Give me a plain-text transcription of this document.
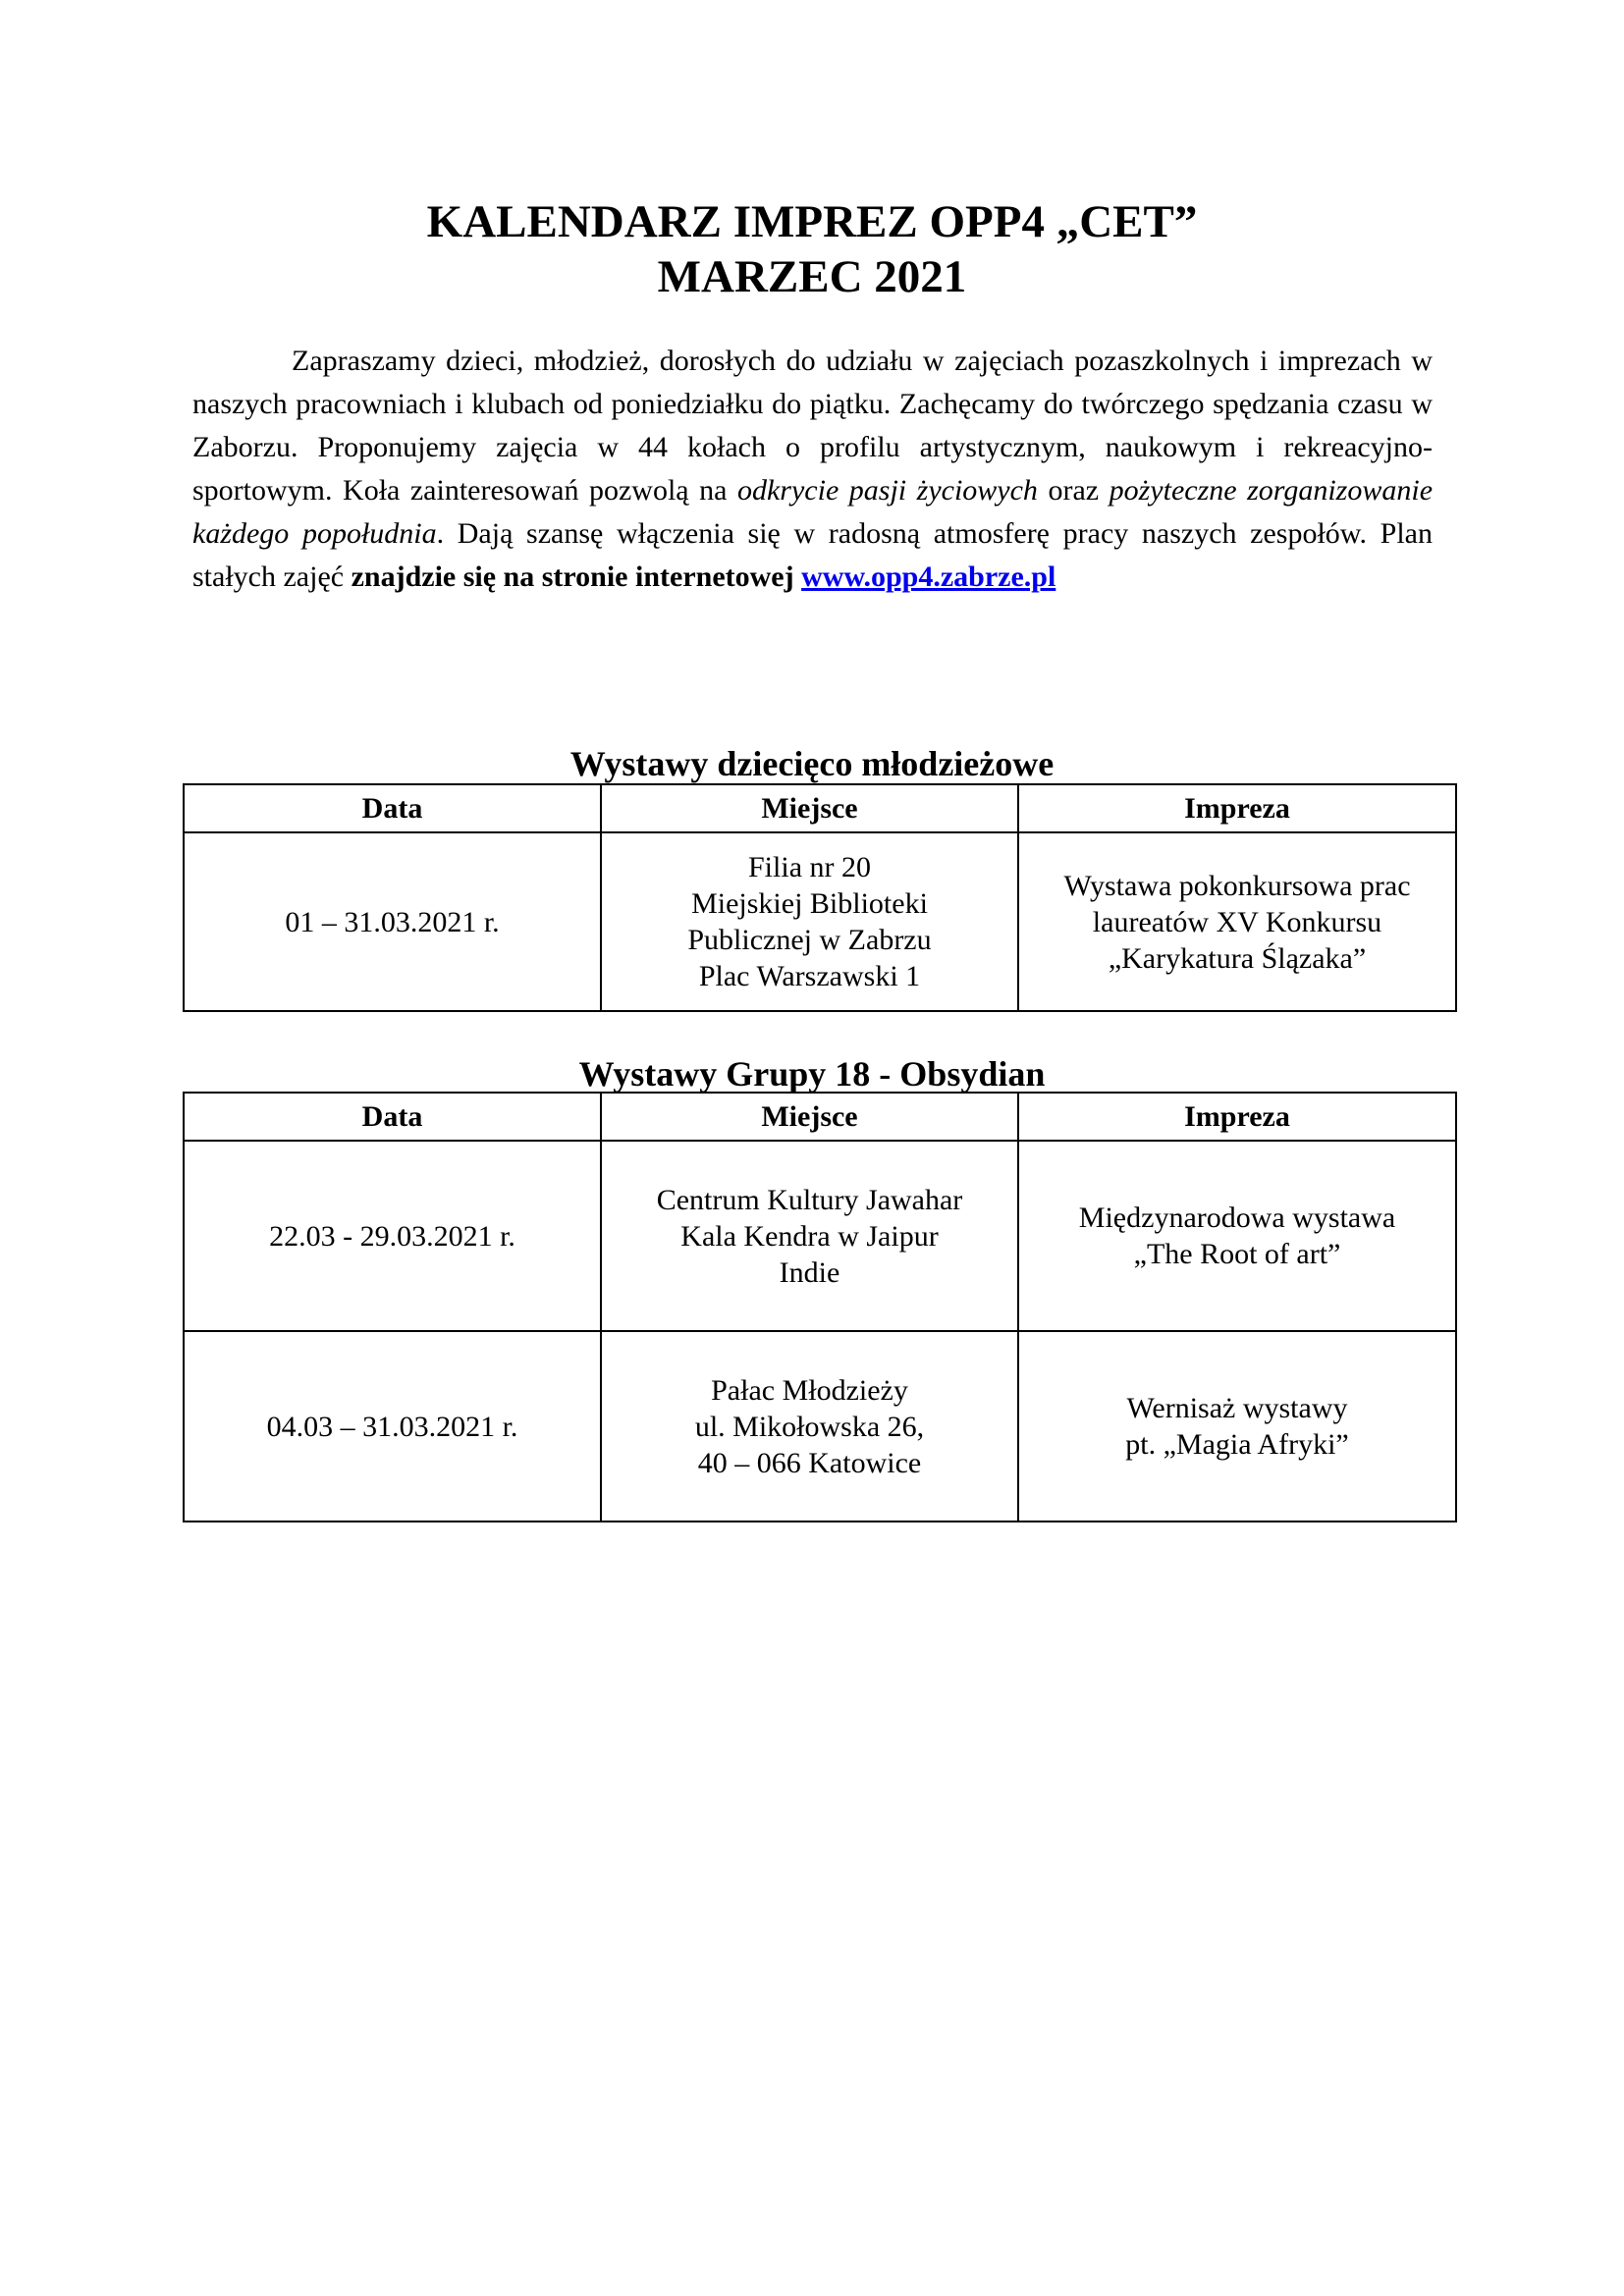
KALENDARZ IMPREZ OPP4 „CET”
MARZEC 2021

Zapraszamy dzieci, młodzież, dorosłych do udziału w zajęciach pozaszkolnych i imprezach w naszych pracowniach i klubach od poniedziałku do piątku. Zachęcamy do twórczego spędzania czasu w Zaborzu. Proponujemy zajęcia w 44 kołach o profilu artystycznym, naukowym i rekreacyjno-sportowym. Koła zainteresowań pozwolą na odkrycie pasji życiowych oraz pożyteczne zorganizowanie każdego popołudnia. Dają szansę włączenia się w radosną atmosferę pracy naszych zespołów. Plan stałych zajęć znajdzie się na stronie internetowej www.opp4.zabrze.pl

Wystawy dziecięco młodzieżowe
Data	Miejsce	Impreza
01 – 31.03.2021 r.	Filia nr 20
Miejskiej Biblioteki
Publicznej w Zabrzu
Plac Warszawski 1	Wystawa pokonkursowa prac
laureatów XV Konkursu
„Karykatura Ślązaka”
Wystawy Grupy 18 - Obsydian
Data	Miejsce	Impreza
22.03 - 29.03.2021 r.	Centrum Kultury Jawahar
Kala Kendra w Jaipur
Indie	Międzynarodowa wystawa
„The Root of art”

04.03 – 31.03.2021 r.	Pałac Młodzieży
ul. Mikołowska 26,
40 – 066 Katowice	Wernisaż wystawy
pt. „Magia Afryki”
